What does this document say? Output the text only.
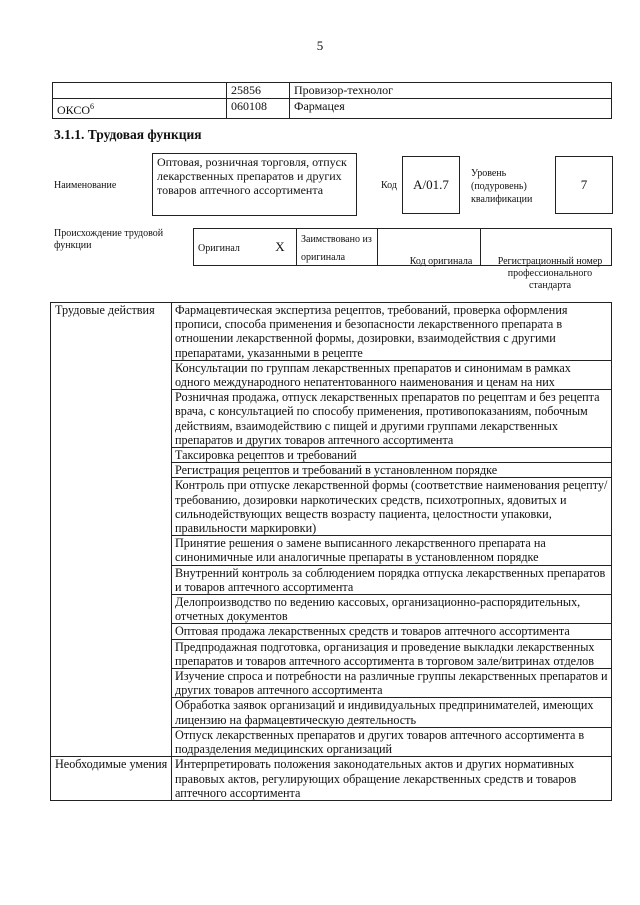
5
	25856	Провизор-технолог
ОКСО$^6$	060108	Фармацея
3.1.1. Трудовая функция
Наименование
Оптовая, розничная торговля, отпуск лекарственных препаратов и других товаров аптечного ассортимента	Код	A/01.7
Уровень (подуровень) квалификации
7
Происхождение трудовой функции	Оригинал	X	Заимствовано из оригинала			Код оригинала	Регистрационный номер профессионального стандарта
Трудовые действия	Фармацевтическая экспертиза рецептов, требований, проверка оформления прописи, способа применения и безопасности лекарственного препарата в отношении лекарственной формы, дозировки, взаимодействия с другими препаратами, указанными в рецепте
	Консультации по группам лекарственных препаратов и синонимам в рамках одного международного непатентованного наименования и ценам на них
	Розничная продажа, отпуск лекарственных препаратов по рецептам и без рецепта врача, с консультацией по способу применения, противопоказаниям, побочным действиям, взаимодействию с пищей и другими группами лекарственных препаратов и других товаров аптечного ассортимента
	Таксировка рецептов и требований
	Регистрация рецептов и требований в установленном порядке
	Контроль при отпуске лекарственной формы (соответствие наименования рецепту/требованию, дозировки наркотических средств, психотропных, ядовитых и сильнодействующих веществ возрасту пациента, целостности упаковки, правильности маркировки)
	Принятие решения о замене выписанного лекарственного препарата на синонимичные или аналогичные препараты в установленном порядке
	Внутренний контроль за соблюдением порядка отпуска лекарственных препаратов и товаров аптечного ассортимента
	Делопроизводство по ведению кассовых, организационно-распорядительных, отчетных документов
	Оптовая продажа лекарственных средств и товаров аптечного ассортимента
	Предпродажная подготовка, организация и проведение выкладки лекарственных препаратов и товаров аптечного ассортимента в торговом зале/витринах отделов
	Изучение спроса и потребности на различные группы лекарственных препаратов и других товаров аптечного ассортимента
	Обработка заявок организаций и индивидуальных предпринимателей, имеющих лицензию на фармацевтическую деятельность
	Отпуск лекарственных препаратов и других товаров аптечного ассортимента в подразделения медицинских организаций
Необходимые умения	Интерпретировать положения законодательных актов и других нормативных правовых актов, регулирующих обращение лекарственных средств и товаров аптечного ассортимента
